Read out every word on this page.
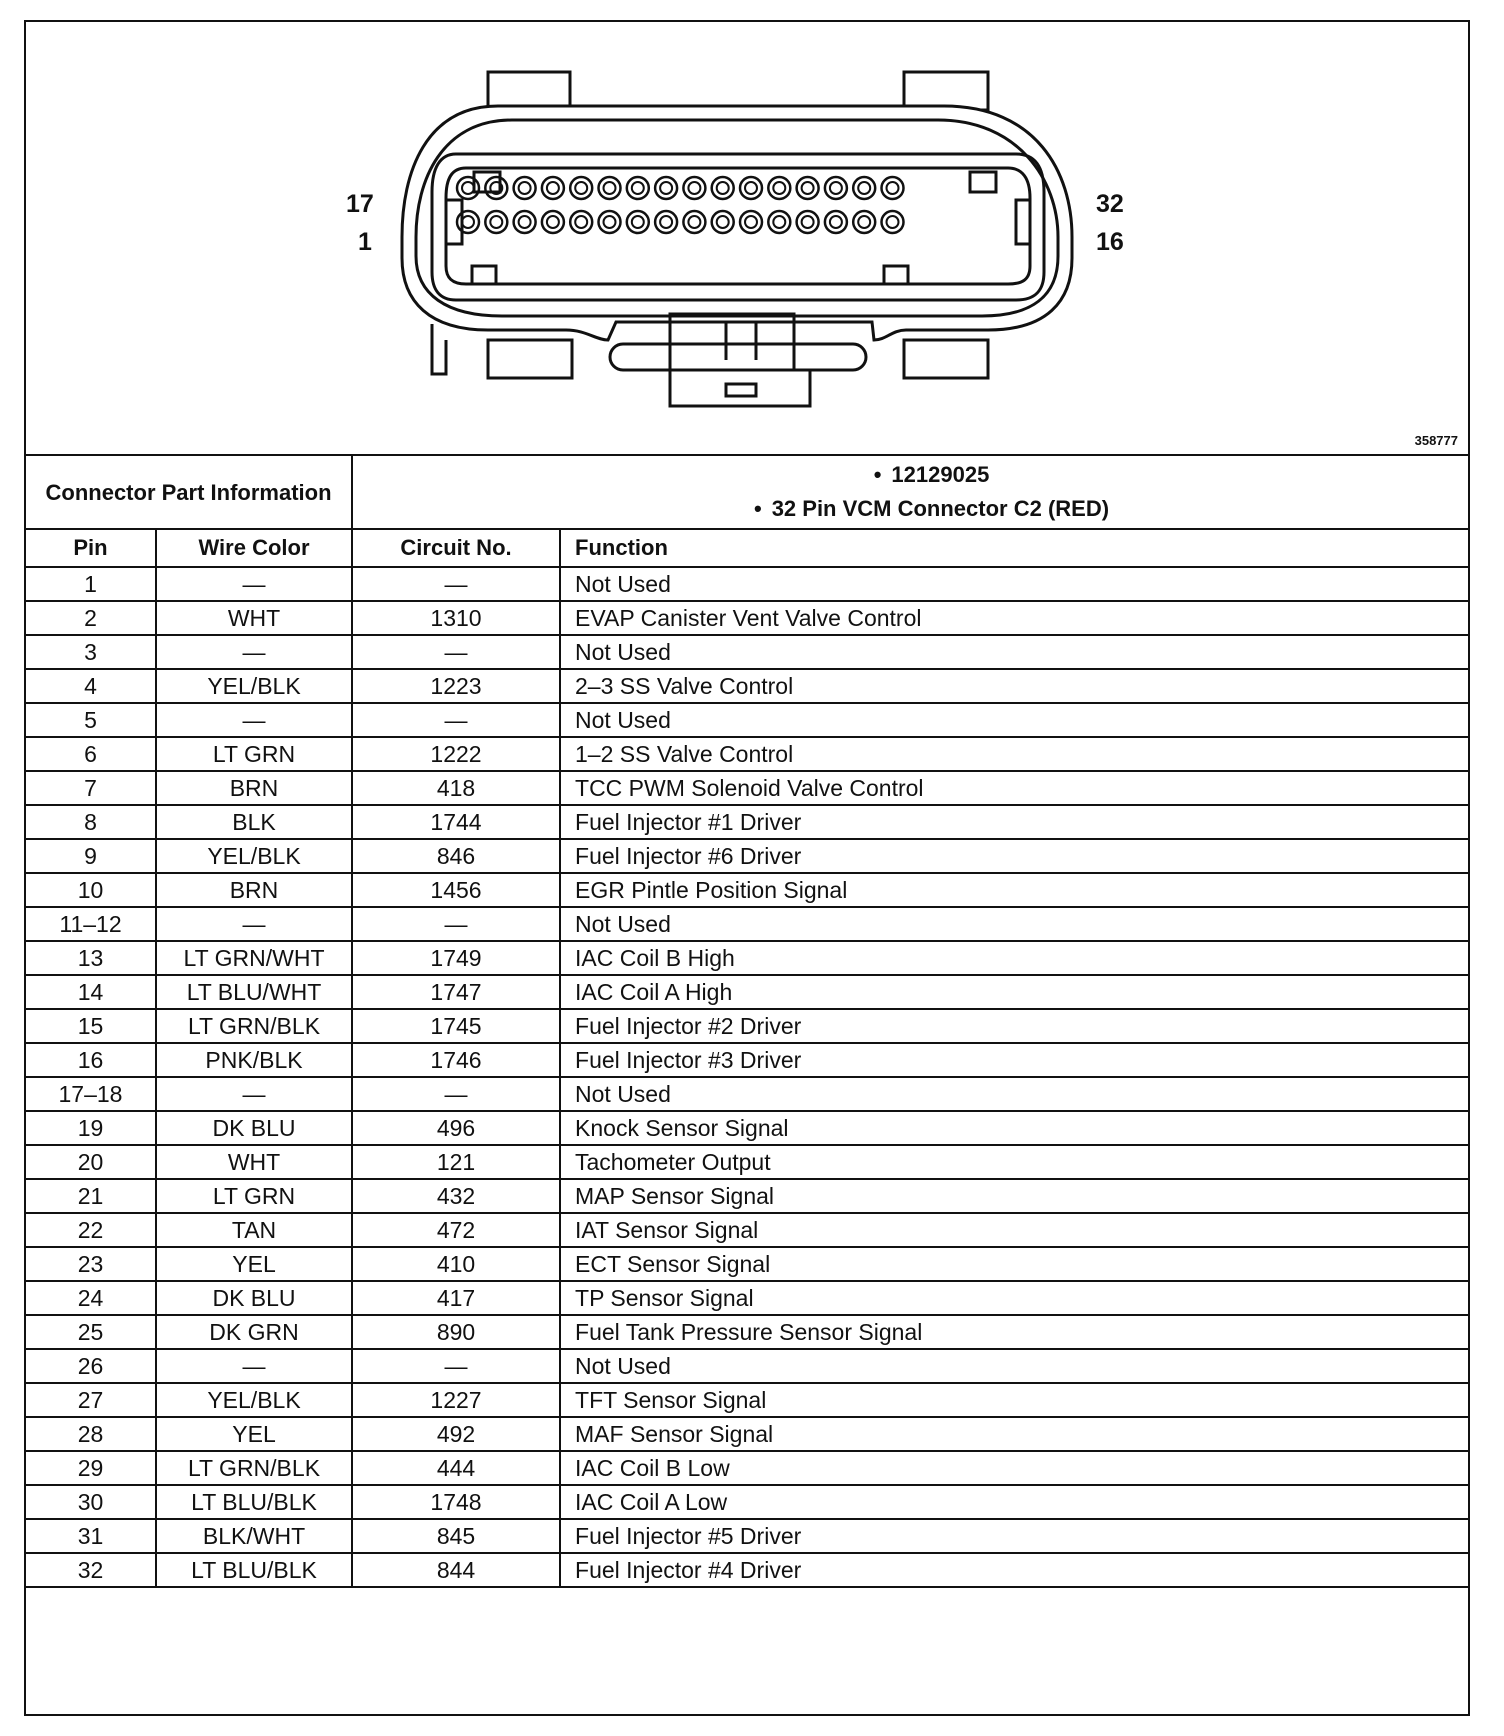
17
1
32
16
358777
Connector Part Information		• 12129025
• 32 Pin VCM Connector C2 (RED)

Pin	Wire Color	Circuit No.	Function
1	—	—	Not Used
2	WHT	1310	EVAP Canister Vent Valve Control
3	—	—	Not Used
4	YEL/BLK	1223	2–3 SS Valve Control
5	—	—	Not Used
6	LT GRN	1222	1–2 SS Valve Control
7	BRN	418	TCC PWM Solenoid Valve Control
8	BLK	1744	Fuel Injector #1 Driver
9	YEL/BLK	846	Fuel Injector #6 Driver
10	BRN	1456	EGR Pintle Position Signal
11–12	—	—	Not Used
13	LT GRN/WHT	1749	IAC Coil B High
14	LT BLU/WHT	1747	IAC Coil A High
15	LT GRN/BLK	1745	Fuel Injector #2 Driver
16	PNK/BLK	1746	Fuel Injector #3 Driver
17–18	—	—	Not Used
19	DK BLU	496	Knock Sensor Signal
20	WHT	121	Tachometer Output
21	LT GRN	432	MAP Sensor Signal
22	TAN	472	IAT Sensor Signal
23	YEL	410	ECT Sensor Signal
24	DK BLU	417	TP Sensor Signal
25	DK GRN	890	Fuel Tank Pressure Sensor Signal
26	—	—	Not Used
27	YEL/BLK	1227	TFT Sensor Signal
28	YEL	492	MAF Sensor Signal
29	LT GRN/BLK	444	IAC Coil B Low
30	LT BLU/BLK	1748	IAC Coil A Low
31	BLK/WHT	845	Fuel Injector #5 Driver
32	LT BLU/BLK	844	Fuel Injector #4 Driver
